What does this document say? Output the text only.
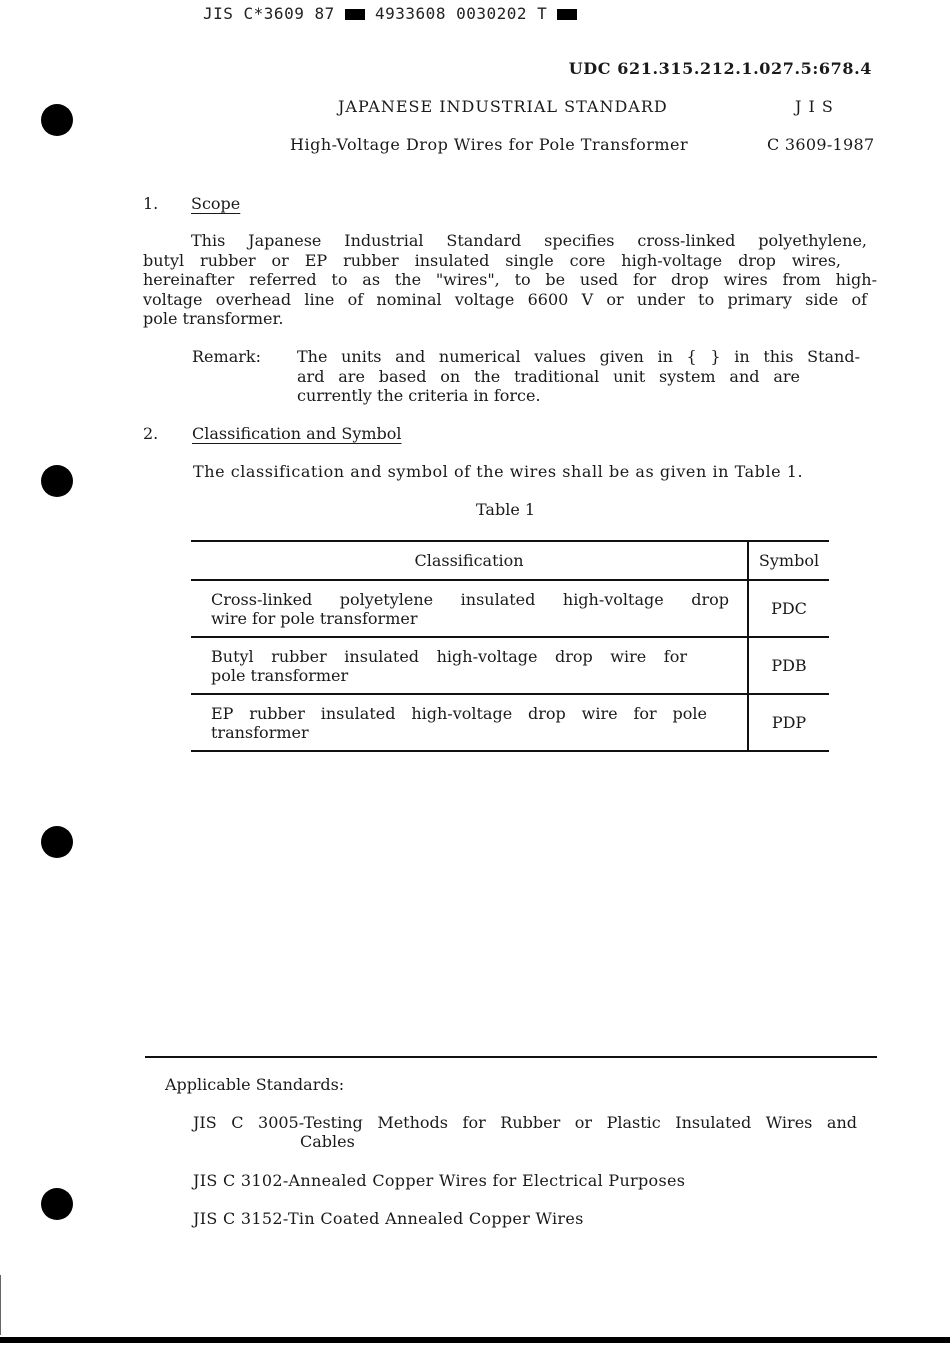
JIS C*3609 87	4933608 0030202 T
UDC 621.315.212.1.027.5:678.4
JAPANESE INDUSTRIAL STANDARD	J I S
High-Voltage Drop Wires for Pole Transformer	C 3609-1987
1. Scope
This Japanese Industrial Standard specifies cross-linked polyethylene,
butyl rubber or EP rubber insulated single core high-voltage drop wires,
hereinafter referred to as the "wires", to be used for drop wires from high-
voltage overhead line of nominal voltage 6600 V or under to primary side of
pole transformer.
Remark: The units and numerical values given in { } in this Stand-
ard are based on the traditional unit system and are
currently the criteria in force.
2. Classification and Symbol
The classification and symbol of the wires shall be as given in Table 1.
Table 1
Classification	Symbol

Cross-linked polyetylene insulated high-voltage drop
wire for pole transformer	PDC

Butyl rubber insulated high-voltage drop wire for
pole transformer	PDB

EP rubber insulated high-voltage drop wire for pole
transformer	PDP
Applicable Standards:
JIS C 3005-Testing Methods for Rubber or Plastic Insulated Wires and
Cables
JIS C 3102-Annealed Copper Wires for Electrical Purposes
JIS C 3152-Tin Coated Annealed Copper Wires
